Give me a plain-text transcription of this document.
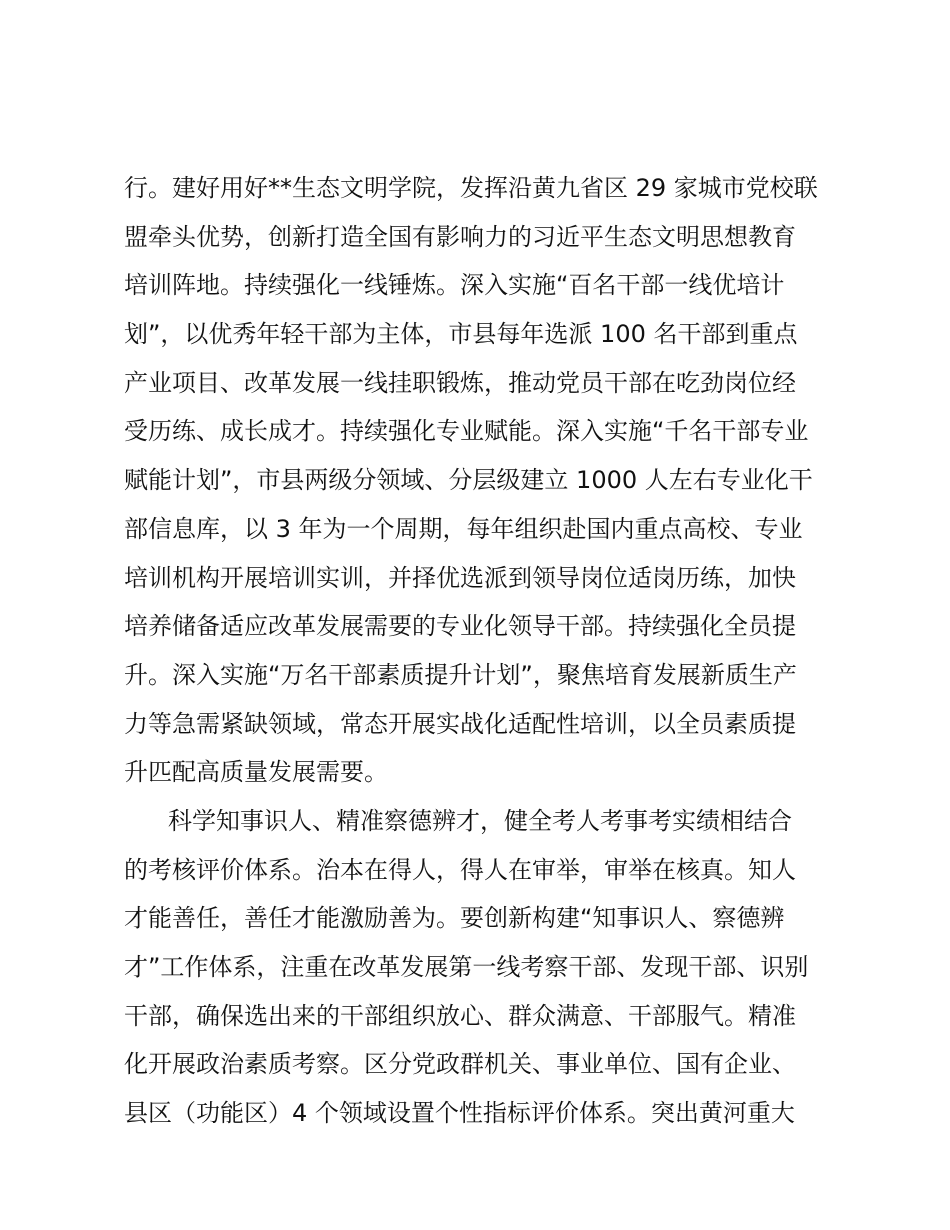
行。建好用好**生态文明学院，发挥沿黄九省区 29 家城市党校联
盟牵头优势，创新打造全国有影响力的习近平生态文明思想教育
培训阵地。持续强化一线锤炼。深入实施“百名干部一线优培计
划”，以优秀年轻干部为主体，市县每年选派 100 名干部到重点
产业项目、改革发展一线挂职锻炼，推动党员干部在吃劲岗位经
受历练、成长成才。持续强化专业赋能。深入实施“千名干部专业
赋能计划”，市县两级分领域、分层级建立 1000 人左右专业化干
部信息库，以 3 年为一个周期，每年组织赴国内重点高校、专业
培训机构开展培训实训，并择优选派到领导岗位适岗历练，加快
培养储备适应改革发展需要的专业化领导干部。持续强化全员提
升。深入实施“万名干部素质提升计划”，聚焦培育发展新质生产
力等急需紧缺领域，常态开展实战化适配性培训，以全员素质提
升匹配高质量发展需要。
科学知事识人、精准察德辨才，健全考人考事考实绩相结合
的考核评价体系。治本在得人，得人在审举，审举在核真。知人
才能善任，善任才能激励善为。要创新构建“知事识人、察德辨
才”工作体系，注重在改革发展第一线考察干部、发现干部、识别
干部，确保选出来的干部组织放心、群众满意、干部服气。精准
化开展政治素质考察。区分党政群机关、事业单位、国有企业、
县区（功能区）4 个领域设置个性指标评价体系。突出黄河重大
